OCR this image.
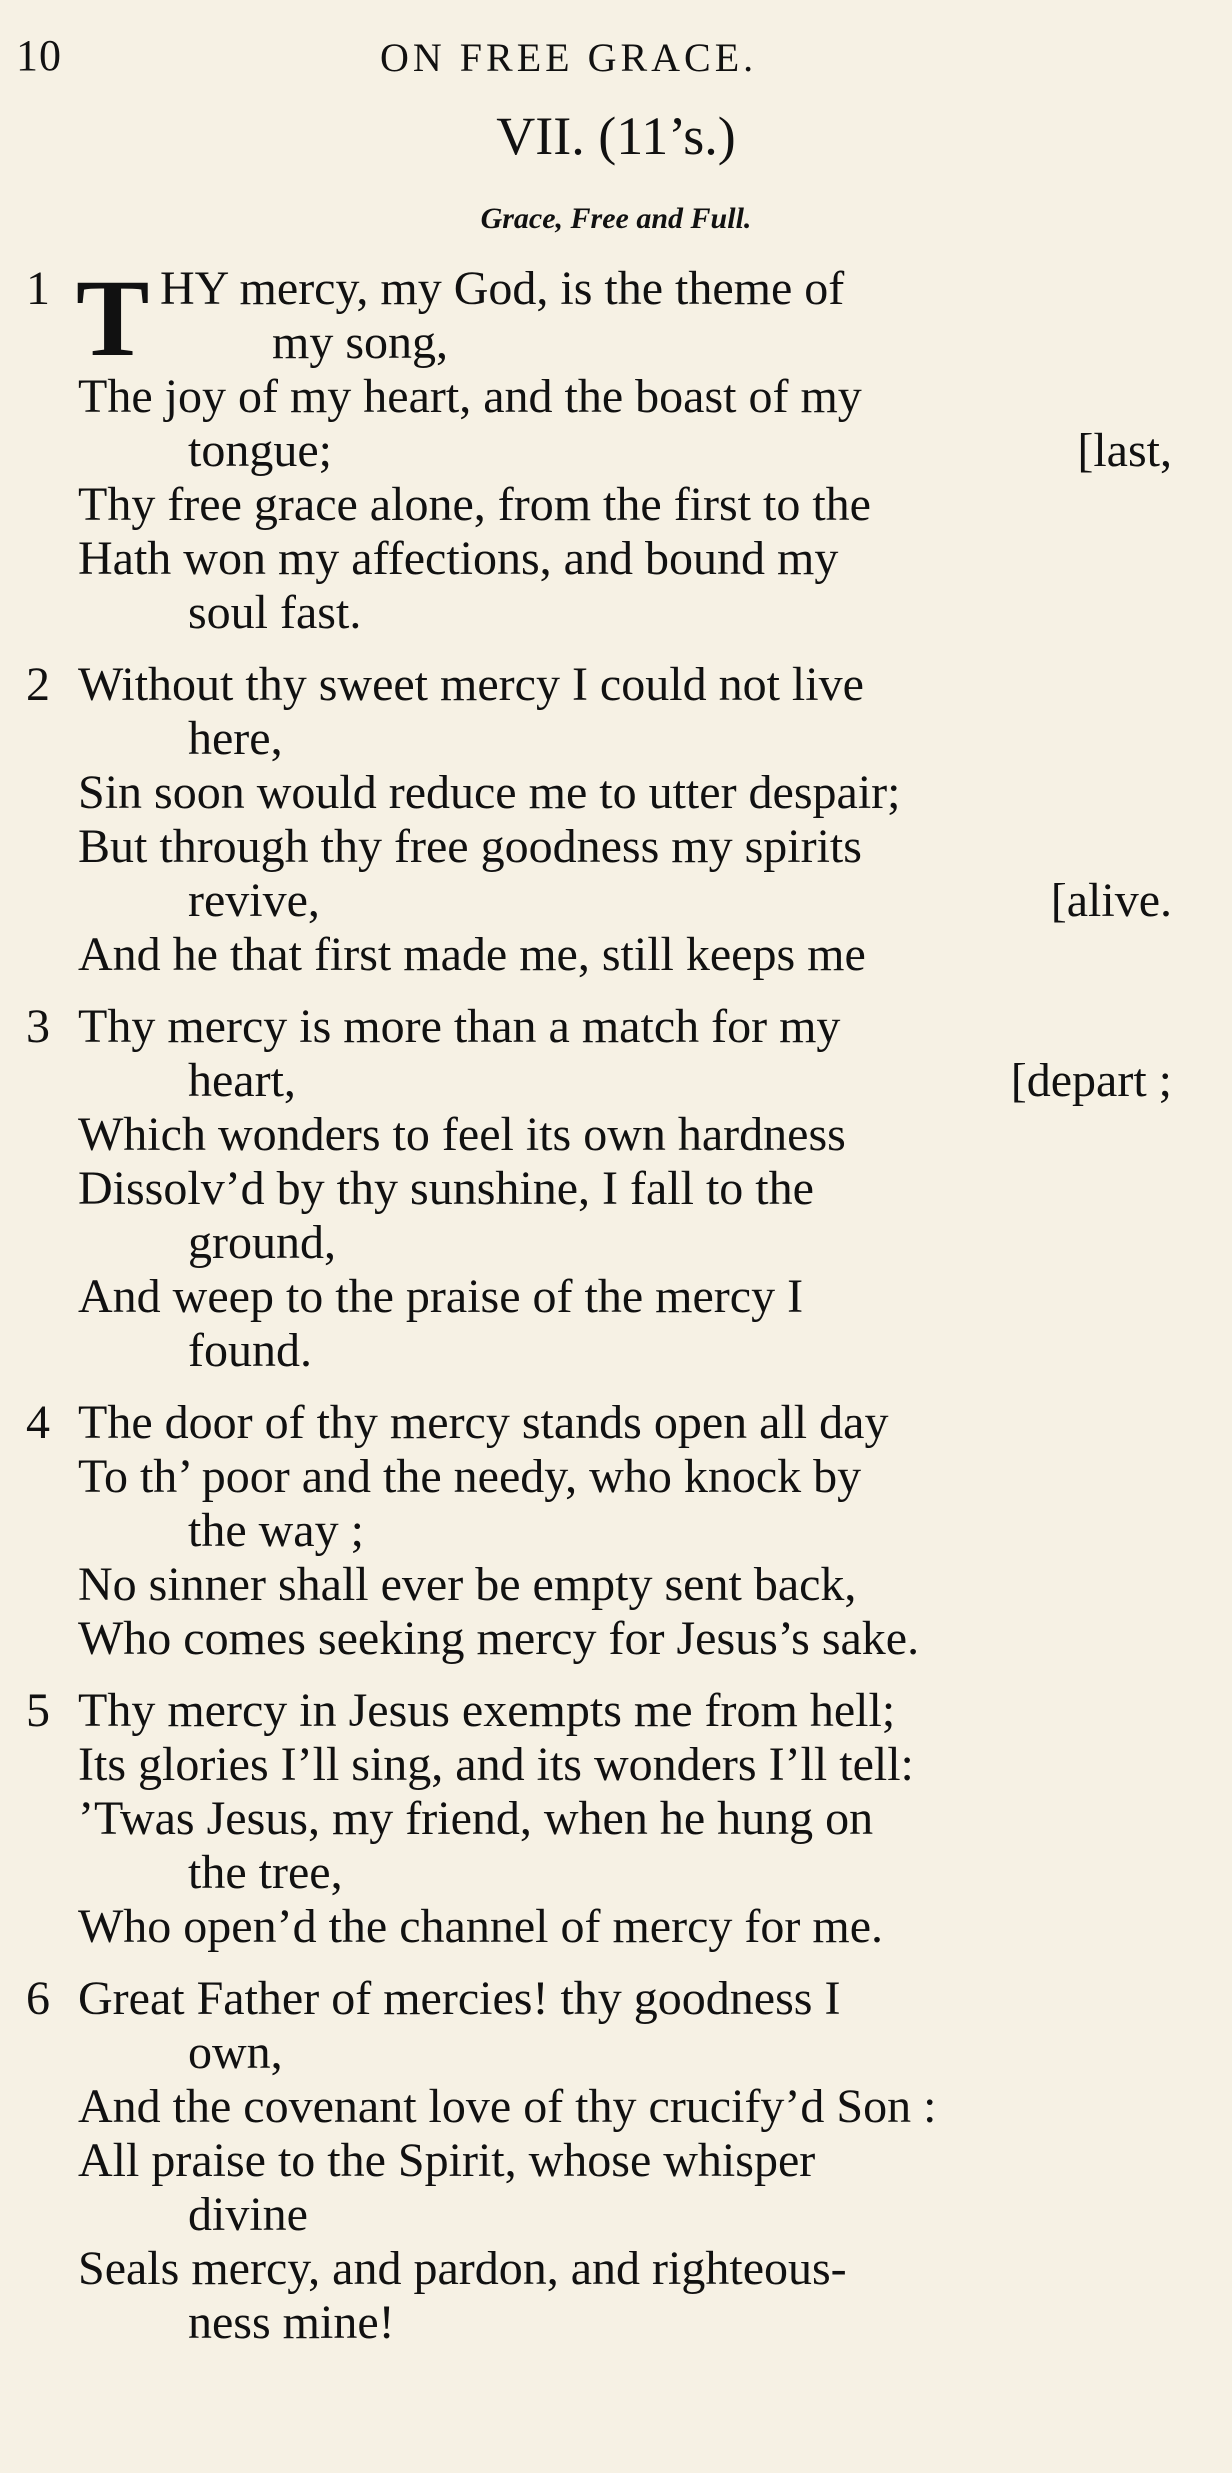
10	ON FREE GRACE.
VII. (11’s.)
Grace, Free and Full.
1 T HY mercy, my God, is the theme of
my song,
The joy of my heart, and the boast of my
tongue;	[last,
Thy free grace alone, from the first to the
Hath won my affections, and bound my
soul fast.
2 Without thy sweet mercy I could not live
here,
Sin soon would reduce me to utter despair;
But through thy free goodness my spirits
revive,	[alive.
And he that first made me, still keeps me
3 Thy mercy is more than a match for my
heart,	[depart ;
Which wonders to feel its own hardness
Dissolv’d by thy sunshine, I fall to the
ground,
And weep to the praise of the mercy I
found.
4 The door of thy mercy stands open all day
To th’ poor and the needy, who knock by
the way ;
No sinner shall ever be empty sent back,
Who comes seeking mercy for Jesus’s sake.
5 Thy mercy in Jesus exempts me from hell;
Its glories I’ll sing, and its wonders I’ll tell:
’Twas Jesus, my friend, when he hung on
the tree,
Who open’d the channel of mercy for me.
6 Great Father of mercies! thy goodness I
own,
And the covenant love of thy crucify’d Son :
All praise to the Spirit, whose whisper
divine
Seals mercy, and pardon, and righteous-
ness mine!
